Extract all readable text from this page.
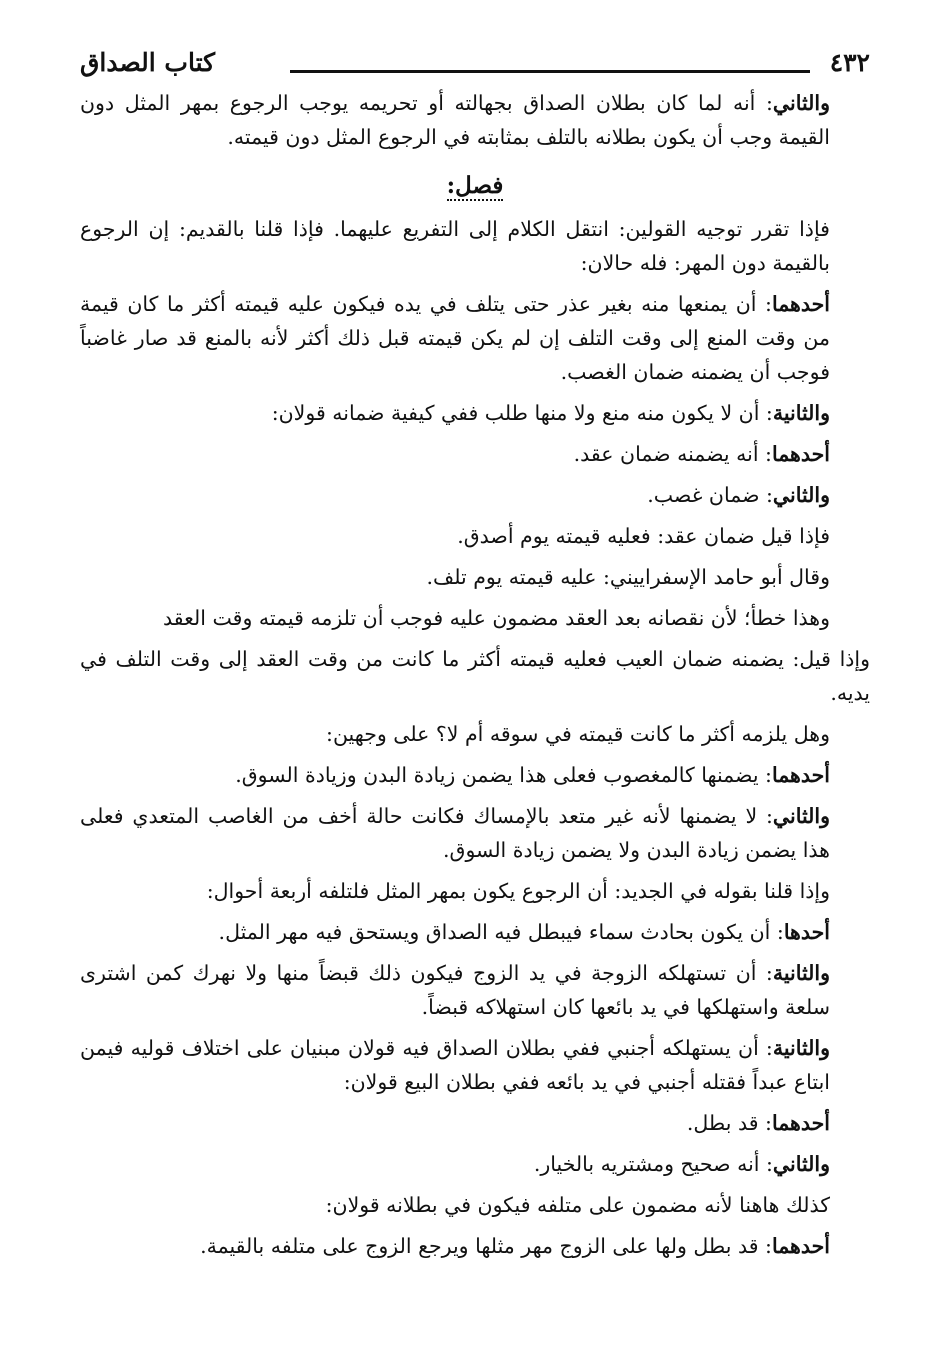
٤٣٢
كتاب الصداق

والثاني: أنه لما كان بطلان الصداق بجهالته أو تحريمه يوجب الرجوع بمهر المثل دون القيمة وجب أن يكون بطلانه بالتلف بمثابته في الرجوع المثل دون قيمته.

فصل:

فإذا تقرر توجيه القولين: انتقل الكلام إلى التفريع عليهما. فإذا قلنا بالقديم: إن الرجوع بالقيمة دون المهر: فله حالان:

أحدهما: أن يمنعها منه بغير عذر حتى يتلف في يده فيكون عليه قيمته أكثر ما كان قيمة من وقت المنع إلى وقت التلف إن لم يكن قيمته قبل ذلك أكثر لأنه بالمنع قد صار غاضباً فوجب أن يضمنه ضمان الغصب.

والثانية: أن لا يكون منه منع ولا منها طلب ففي كيفية ضمانه قولان:

أحدهما: أنه يضمنه ضمان عقد.

والثاني: ضمان غصب.

فإذا قيل ضمان عقد: فعليه قيمته يوم أصدق.

وقال أبو حامد الإسفراييني: عليه قيمته يوم تلف.

وهذا خطأ؛ لأن نقصانه بعد العقد مضمون عليه فوجب أن تلزمه قيمته وقت العقد

وإذا قيل: يضمنه ضمان العيب فعليه قيمته أكثر ما كانت من وقت العقد إلى وقت التلف في يديه.

وهل يلزمه أكثر ما كانت قيمته في سوقه أم لا؟ على وجهين:

أحدهما: يضمنها كالمغصوب فعلى هذا يضمن زيادة البدن وزيادة السوق.

والثاني: لا يضمنها لأنه غير متعد بالإمساك فكانت حالة أخف من الغاصب المتعدي فعلى هذا يضمن زيادة البدن ولا يضمن زيادة السوق.

وإذا قلنا بقوله في الجديد: أن الرجوع يكون بمهر المثل فلتلفه أربعة أحوال:

أحدها: أن يكون بحادث سماء فيبطل فيه الصداق ويستحق فيه مهر المثل.

والثانية: أن تستهلكه الزوجة في يد الزوج فيكون ذلك قبضاً منها ولا نهرك كمن اشترى سلعة واستهلكها في يد بائعها كان استهلاكه قبضاً.

والثانية: أن يستهلكه أجنبي ففي بطلان الصداق فيه قولان مبنيان على اختلاف قوليه فيمن ابتاع عبداً فقتله أجنبي في يد بائعه ففي بطلان البيع قولان:

أحدهما: قد بطل.

والثاني: أنه صحيح ومشتريه بالخيار.

كذلك هاهنا لأنه مضمون على متلفه فيكون في بطلانه قولان:

أحدهما: قد بطل ولها على الزوج مهر مثلها ويرجع الزوج على متلفه بالقيمة.
